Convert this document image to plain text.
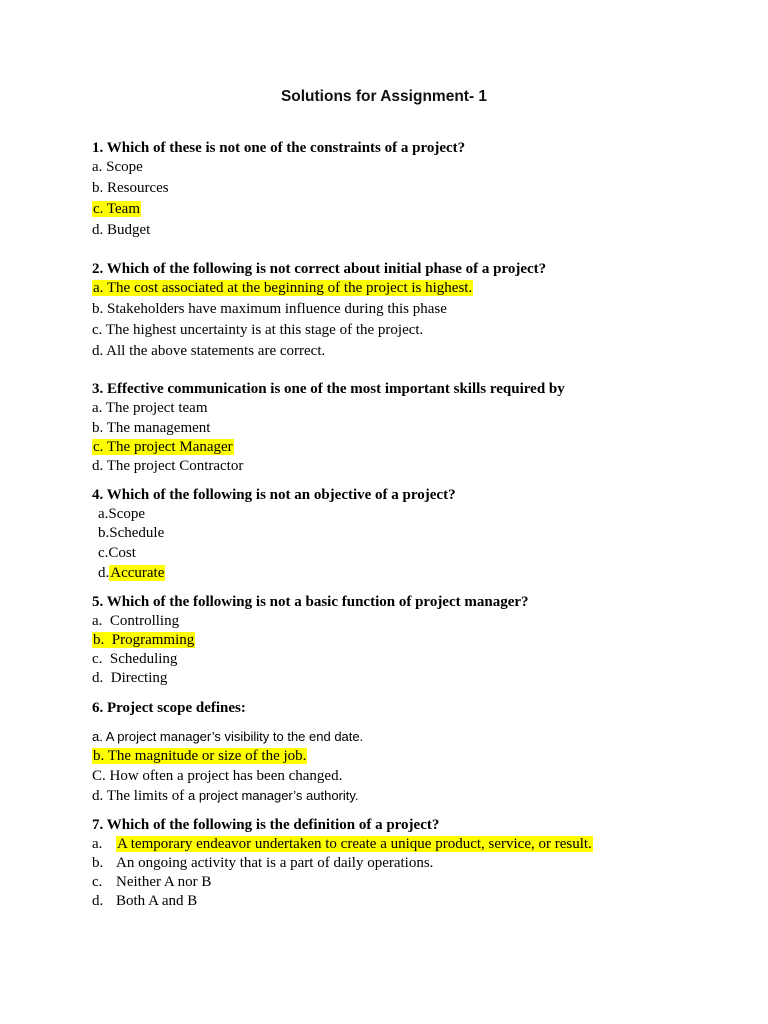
Solutions for Assignment- 1
1. Which of these is not one of the constraints of a project?
a. Scope
b. Resources
c. Team
d. Budget
2. Which of the following is not correct about initial phase of a project?
a. The cost associated at the beginning of the project is highest.
b. Stakeholders have maximum influence during this phase
c. The highest uncertainty is at this stage of the project.
d. All the above statements are correct.
3. Effective communication is one of the most important skills required by
a. The project team
b. The management
c. The project Manager
d. The project Contractor
4. Which of the following is not an objective of a project?
a.Scope
b.Schedule
c.Cost
d.Accurate
5. Which of the following is not a basic function of project manager?
a.  Controlling
b.  Programming
c.  Scheduling
d.  Directing
6. Project scope defines:
a. A project manager’s visibility to the end date.
b. The magnitude or size of the job.
C. How often a project has been changed.
d. The limits of a project manager’s authority.
7. Which of the following is the definition of a project?
a. A temporary endeavor undertaken to create a unique product, service, or result.
b. An ongoing activity that is a part of daily operations.
c. Neither A nor B
d. Both A and B
